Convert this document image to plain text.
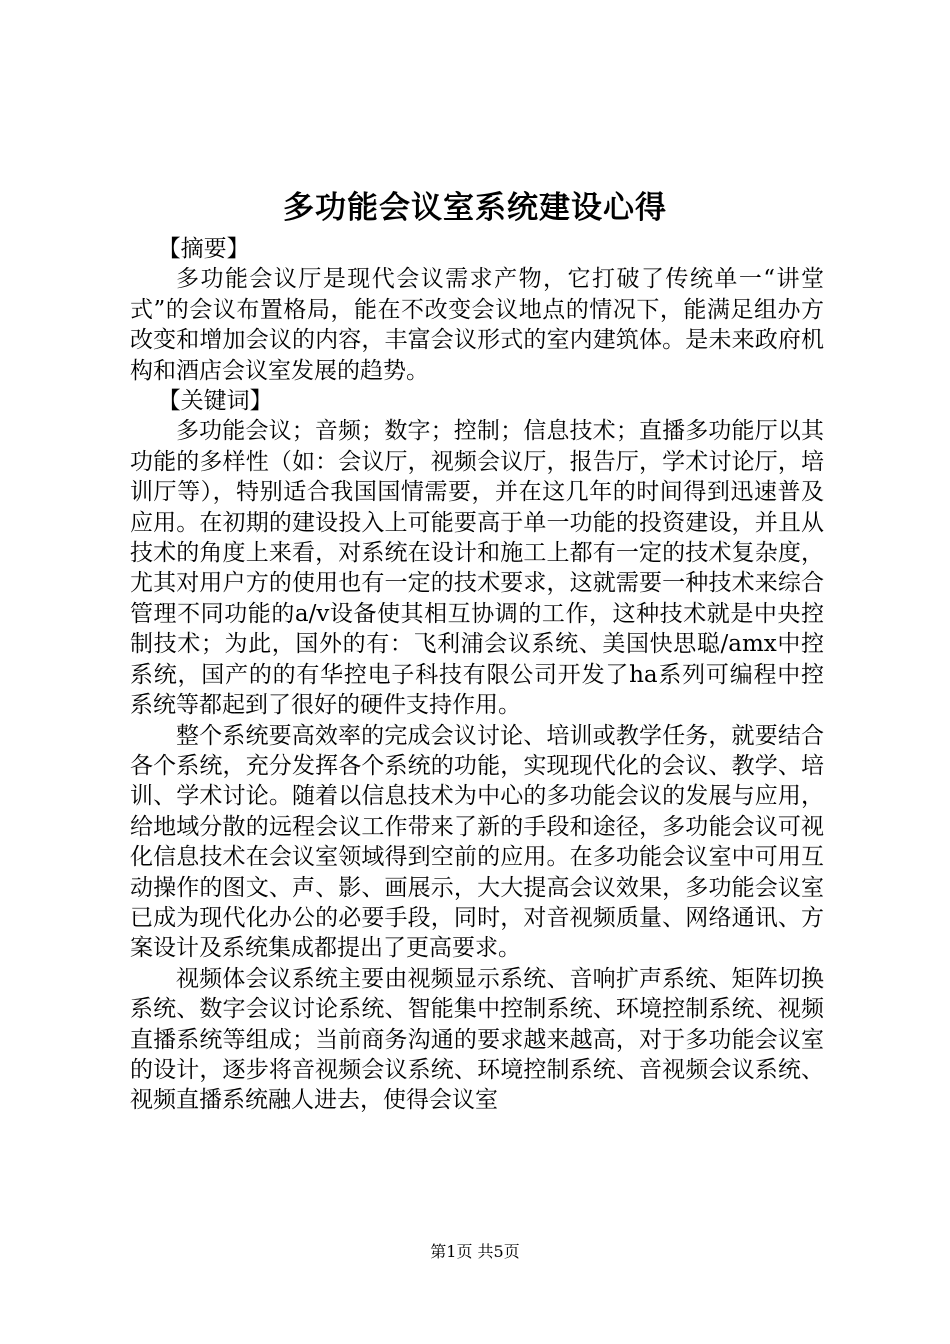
多功能会议室系统建设心得

【摘要】

多功能会议厅是现代会议需求产物，它打破了传统单一“讲堂式”的会议布置格局，能在不改变会议地点的情况下，能满足组办方改变和增加会议的内容，丰富会议形式的室内建筑体。是未来政府机构和酒店会议室发展的趋势。

【关键词】

多功能会议；音频；数字；控制；信息技术；直播多功能厅以其功能的多样性（如：会议厅，视频会议厅，报告厅，学术讨论厅，培训厅等），特别适合我国国情需要，并在这几年的时间得到迅速普及应用。在初期的建设投入上可能要高于单一功能的投资建设，并且从技术的角度上来看，对系统在设计和施工上都有一定的技术复杂度，尤其对用户方的使用也有一定的技术要求，这就需要一种技术来综合管理不同功能的a/v设备使其相互协调的工作，这种技术就是中央控制技术；为此，国外的有：飞利浦会议系统、美国快思聪/amx中控系统，国产的的有华控电子科技有限公司开发了ha系列可编程中控系统等都起到了很好的硬件支持作用。

整个系统要高效率的完成会议讨论、培训或教学任务，就要结合各个系统，充分发挥各个系统的功能，实现现代化的会议、教学、培训、学术讨论。随着以信息技术为中心的多功能会议的发展与应用，给地域分散的远程会议工作带来了新的手段和途径，多功能会议可视化信息技术在会议室领域得到空前的应用。在多功能会议室中可用互动操作的图文、声、影、画展示，大大提高会议效果，多功能会议室已成为现代化办公的必要手段，同时，对音视频质量、网络通讯、方案设计及系统集成都提出了更高要求。

视频体会议系统主要由视频显示系统、音响扩声系统、矩阵切换系统、数字会议讨论系统、智能集中控制系统、环境控制系统、视频直播系统等组成；当前商务沟通的要求越来越高，对于多功能会议室的设计，逐步将音视频会议系统、环境控制系统、音视频会议系统、视频直播系统融人进去，使得会议室

第1页 共5页
